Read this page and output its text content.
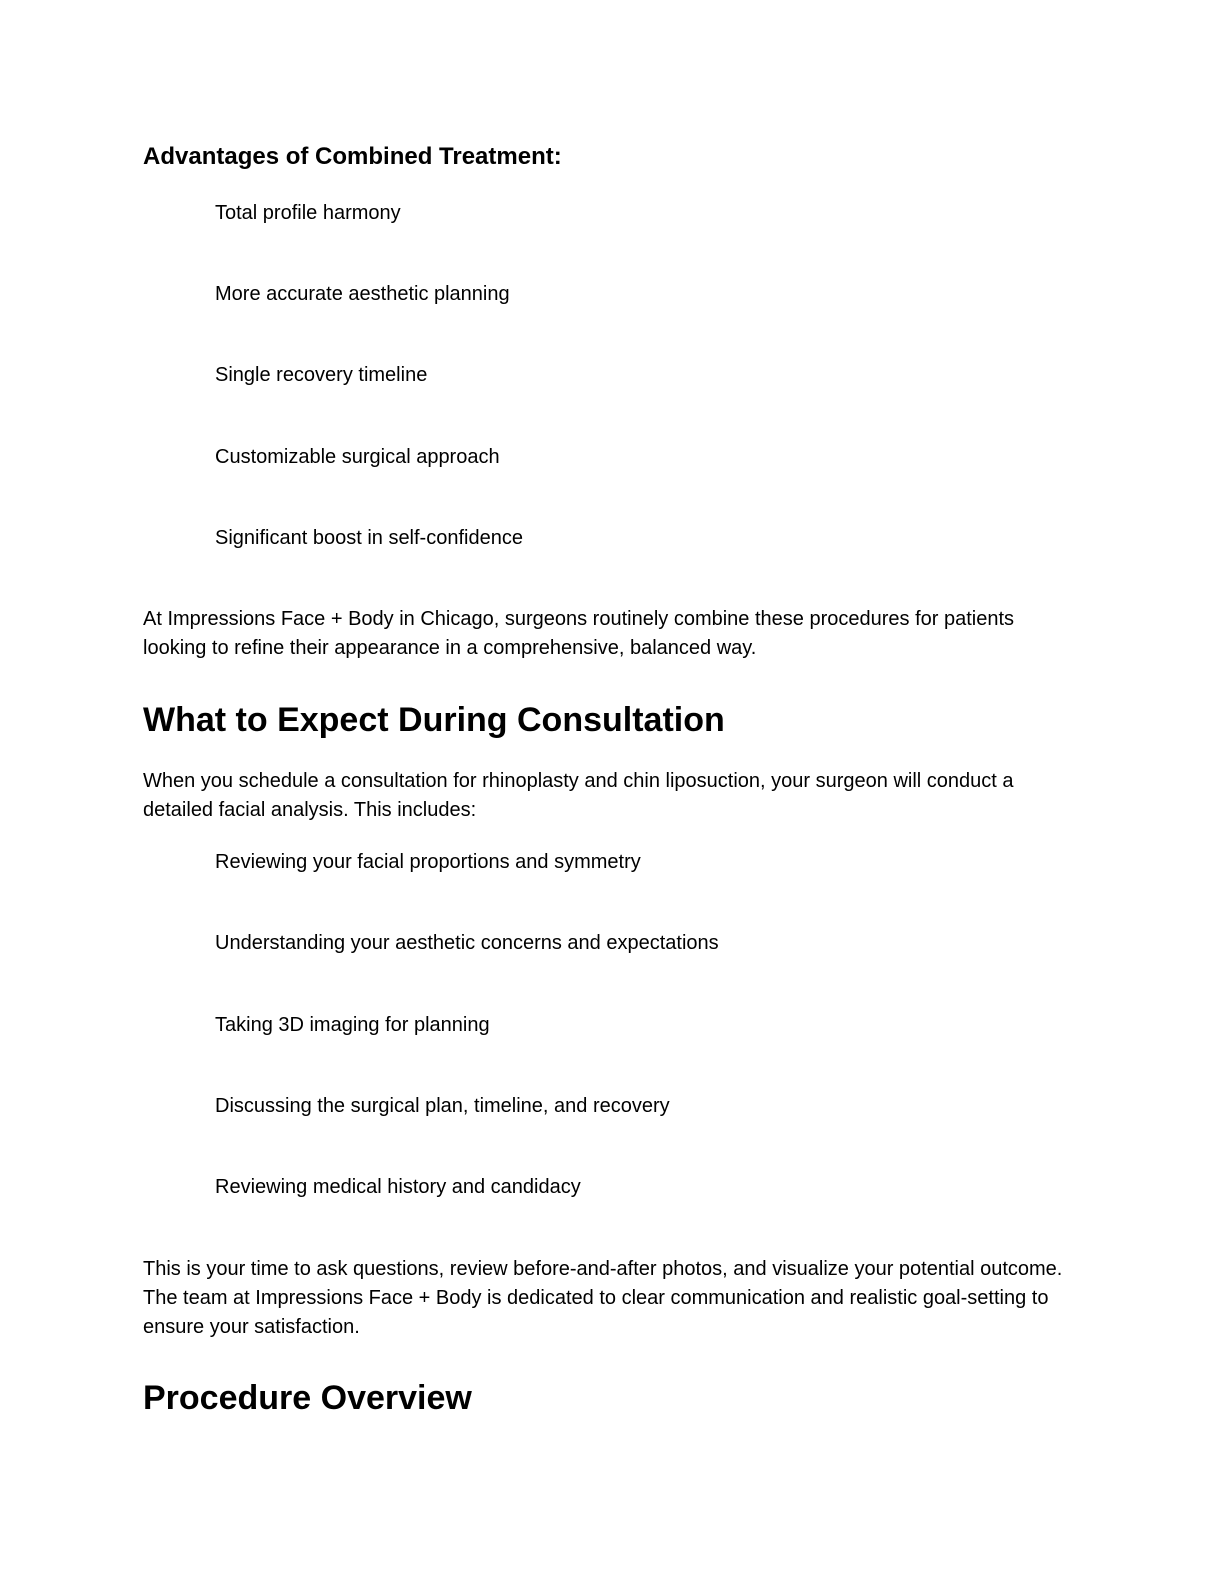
Advantages of Combined Treatment:
Total profile harmony
More accurate aesthetic planning
Single recovery timeline
Customizable surgical approach
Significant boost in self-confidence
At Impressions Face + Body in Chicago, surgeons routinely combine these procedures for patients looking to refine their appearance in a comprehensive, balanced way.
What to Expect During Consultation
When you schedule a consultation for rhinoplasty and chin liposuction, your surgeon will conduct a detailed facial analysis. This includes:
Reviewing your facial proportions and symmetry
Understanding your aesthetic concerns and expectations
Taking 3D imaging for planning
Discussing the surgical plan, timeline, and recovery
Reviewing medical history and candidacy
This is your time to ask questions, review before-and-after photos, and visualize your potential outcome. The team at Impressions Face + Body is dedicated to clear communication and realistic goal-setting to ensure your satisfaction.
Procedure Overview
